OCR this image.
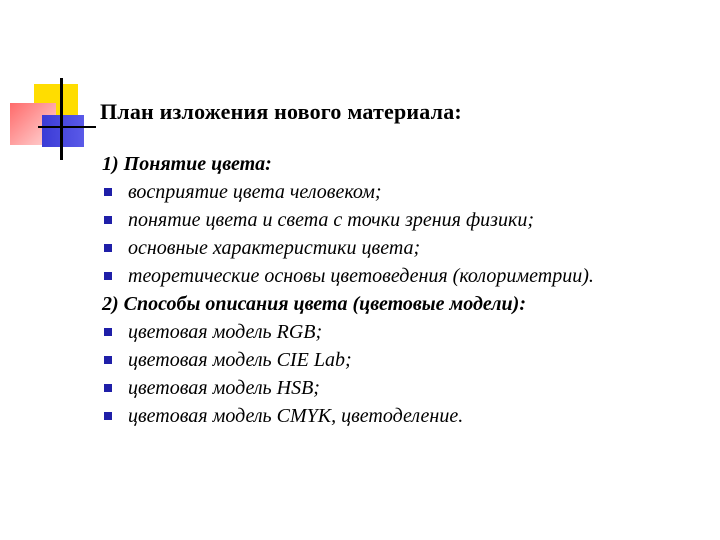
План изложения нового материала:
1) Понятие цвета:
восприятие цвета человеком;
понятие цвета и света с точки зрения физики;
основные характеристики цвета;
теоретические основы цветоведения (колориметрии).
2) Способы описания цвета (цветовые модели):
цветовая модель RGB;
цветовая модель CIE Lab;
цветовая модель HSB;
цветовая модель CMYK, цветоделение.
